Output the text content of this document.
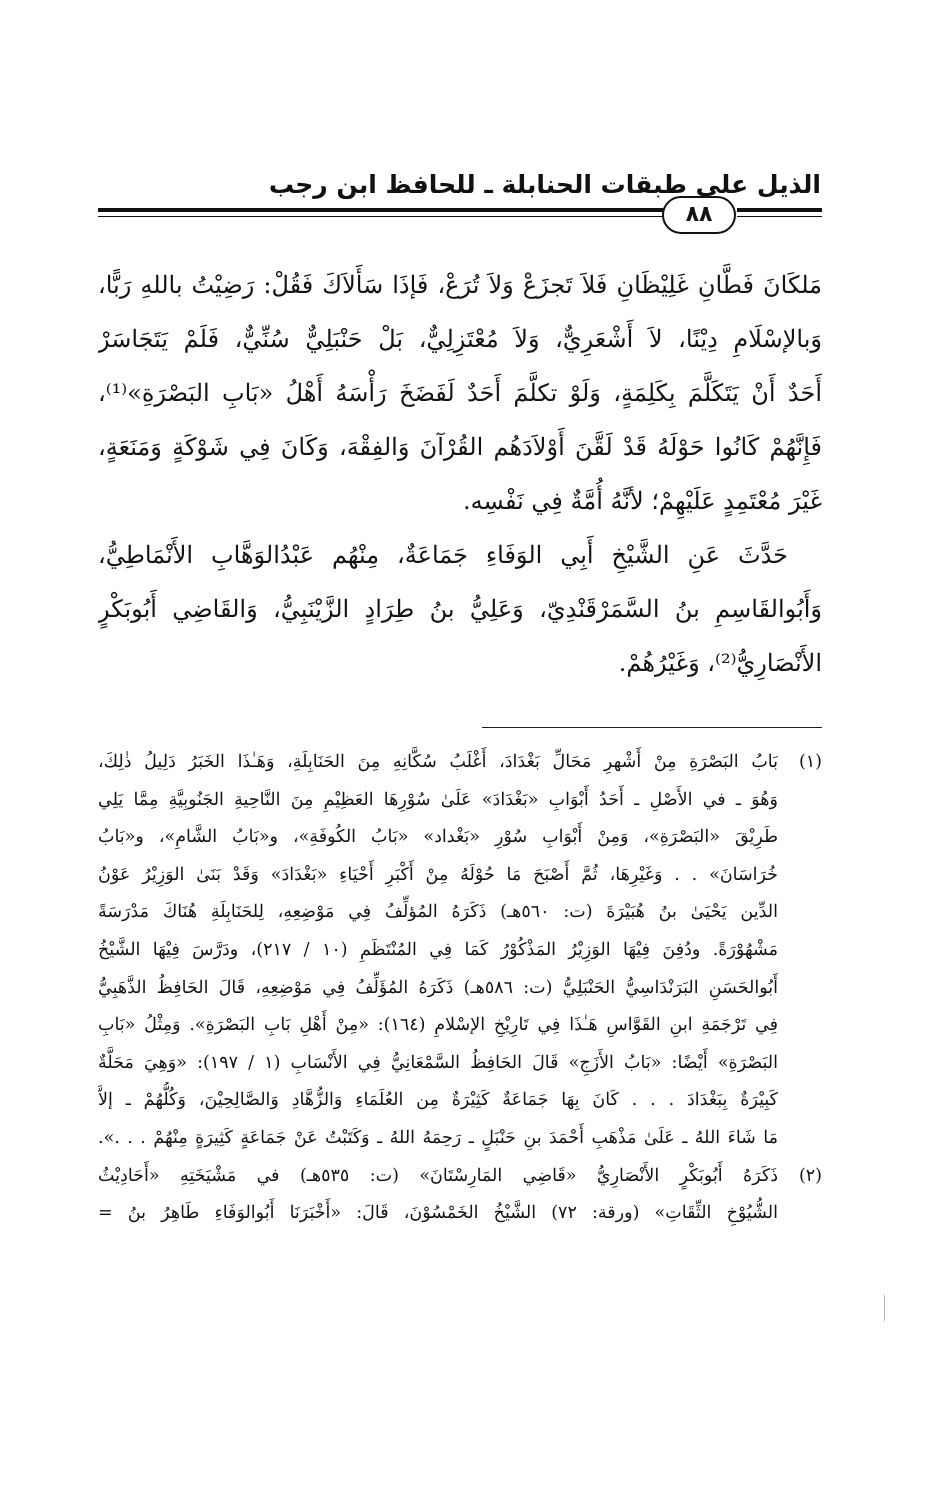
الذيل على طبقات الحنابلة ـ للحافظ ابن رجب
٨٨
مَلكَانَ فَطَّانِ غَلِيْظَانِ فَلاَ تَجزَعْ وَلاَ تُرَعْ، فَإذَا سَأَلاَكَ فَقُلْ: رَضِيْتُ باللهِ رَبًّا،
وَبالإسْلَامِ دِيْنًا، لاَ أَشْعَرِيٌّ، وَلاَ مُعْتَزِلِيٌّ، بَلْ حَنْبَلِيٌّ سُنِّيٌّ، فَلَمْ يَتَجَاسَرْ
أَحَدٌ أَنْ يَتَكَلَّمَ بِكَلِمَةٍ، وَلَوْ تكلَّمَ أَحَدٌ لَفَضَخَ رَأْسَهُ أَهْلُ «بَابِ البَصْرَةِ»⁽¹⁾،
فَإِنَّهُمْ كَانُوا حَوْلَهُ قَدْ لَقَّنَ أَوْلاَدَهُم القُرْآنَ وَالفِقْهَ، وَكَانَ فِي شَوْكَةٍ وَمَنَعَةٍ،
غَيْرَ مُعْتَمِدٍ عَلَيْهِمْ؛ لأنَّهُ أُمَّةٌ فِي نَفْسِه.
حَدَّثَ عَنِ الشَّيْخِ أَبِي الوَفَاءِ جَمَاعَةٌ، مِنْهُم عَبْدُالوَهَّابِ الأَنْمَاطِيُّ،
وَأَبُوالقَاسِمِ بنُ السَّمَرْقَنْدِيّ، وَعَلِيُّ بنُ طِرَادٍ الزَّيْنَبِيُّ، وَالقَاضِي أَبُوبَكْرٍ
الأَنْصَارِيُّ⁽²⁾، وَغَيْرُهُمْ.
(١)
بَابُ البَصْرَةِ مِنْ أَشْهرِ مَحَالِّ بَغْدَادَ، أَغْلَبُ سُكَّانِهِ مِنَ الحَنَابِلَةِ، وَهَـٰذَا الخَبَرُ دَلِيلُ ذٰلِكَ،
وَهُوَ ـ في الأَصْلِ ـ أَحَدُ أَبْوَابِ «بَغْدَادَ» عَلَىٰ سُوْرِهَا العَظِيْمِ مِنَ النَّاحِيةِ الجَنُوبِيَّةِ مِمَّا يَلِي
طَرِيْقَ «البَصْرَةِ»، وَمِنْ أَبْوَابِ سُوْرِ «بَغْداد» «بَابُ الكُوفَةِ»، و«بَابُ الشَّامِ»، و«بَابُ
خُرَاسَانَ» . . وَغَيْرِهَا، ثُمَّ أَصْبَحَ مَا حُوْلَهُ مِنْ أَكْبَرِ أَحْيَاءِ «بَغْدَادَ» وَقَدْ بَنَىٰ الوَزِيْرُ عَوْنُ
الدِّين يَحْيَىٰ بنُ هُبَيْرَةَ (ت: ٥٦٠هـ) ذَكَرَهُ المُؤلِّفُ فِي مَوْضِعِهِ، لِلحَنَابِلَةِ هُنَاكَ مَدْرَسَةً
مَشْهُوْرَةً. ودُفِنَ فِيْهَا الوَزِيْرُ المَذْكُوْرُ كَمَا فِي المُنْتَظَمِ (١٠ / ٢١٧)، ودَرَّسَ فِيْهَا الشَّيْخُ
أَبُوالحَسَنِ البَرَنْدَاسِيُّ الحَنْبَلِيُّ (ت: ٥٨٦هـ) ذَكَرَهُ المُؤَلِّفُ فِي مَوْضِعِهِ، قَالَ الحَافِظُ الذَّهَبِيُّ
فِي تَرْجَمَةِ ابنِ القَوَّاسِ هَـٰذَا فِي تَارِيْخِ الإسْلامِ (١٦٤): «مِنْ أَهْلِ بَابِ البَصْرَةِ». وَمِثْلُ «بَابِ
البَصْرَةِ» أَيْضًا: «بَابُ الأَزَجِ» قَالَ الحَافِظُ السَّمْعَانِيُّ فِي الأَنْسَابِ (١ / ١٩٧): «وَهِيَ مَحَلَّةٌ
كَبِيْرَةٌ بِبَغْدَادَ . . . كَانَ بِهَا جَمَاعَةٌ كَثِيْرَةٌ مِن العُلَمَاءِ وَالزُّهَّادِ وَالصَّالِحِيْنَ، وَكُلُّهُمْ ـ إلاَّ
مَا شَاءَ اللهُ ـ عَلَىٰ مَذْهَبِ أَحْمَدَ بنِ حَنْبَلٍ ـ رَحِمَهُ اللهُ ـ وَكَتَبْتُ عَنْ جَمَاعَةٍ كَثِيرَةٍ مِنْهُمْ . . .».
(٢)
ذَكَرَهُ أَبُوبَكْرٍ الأَنْصَارِيُّ «قَاضِي المَارِسْتَانَ» (ت: ٥٣٥هـ) في مَشْيَخَتِهِ «أَحَادِيْثُ
الشُّيُوْخِ الثِّقَاتِ» (ورقة: ٧٢) الشَّيْخُ الخَمْسُوْنَ، قَالَ: «أَخْبَرَنَا أَبُوالوَفَاءِ طَاهِرُ بنُ =
